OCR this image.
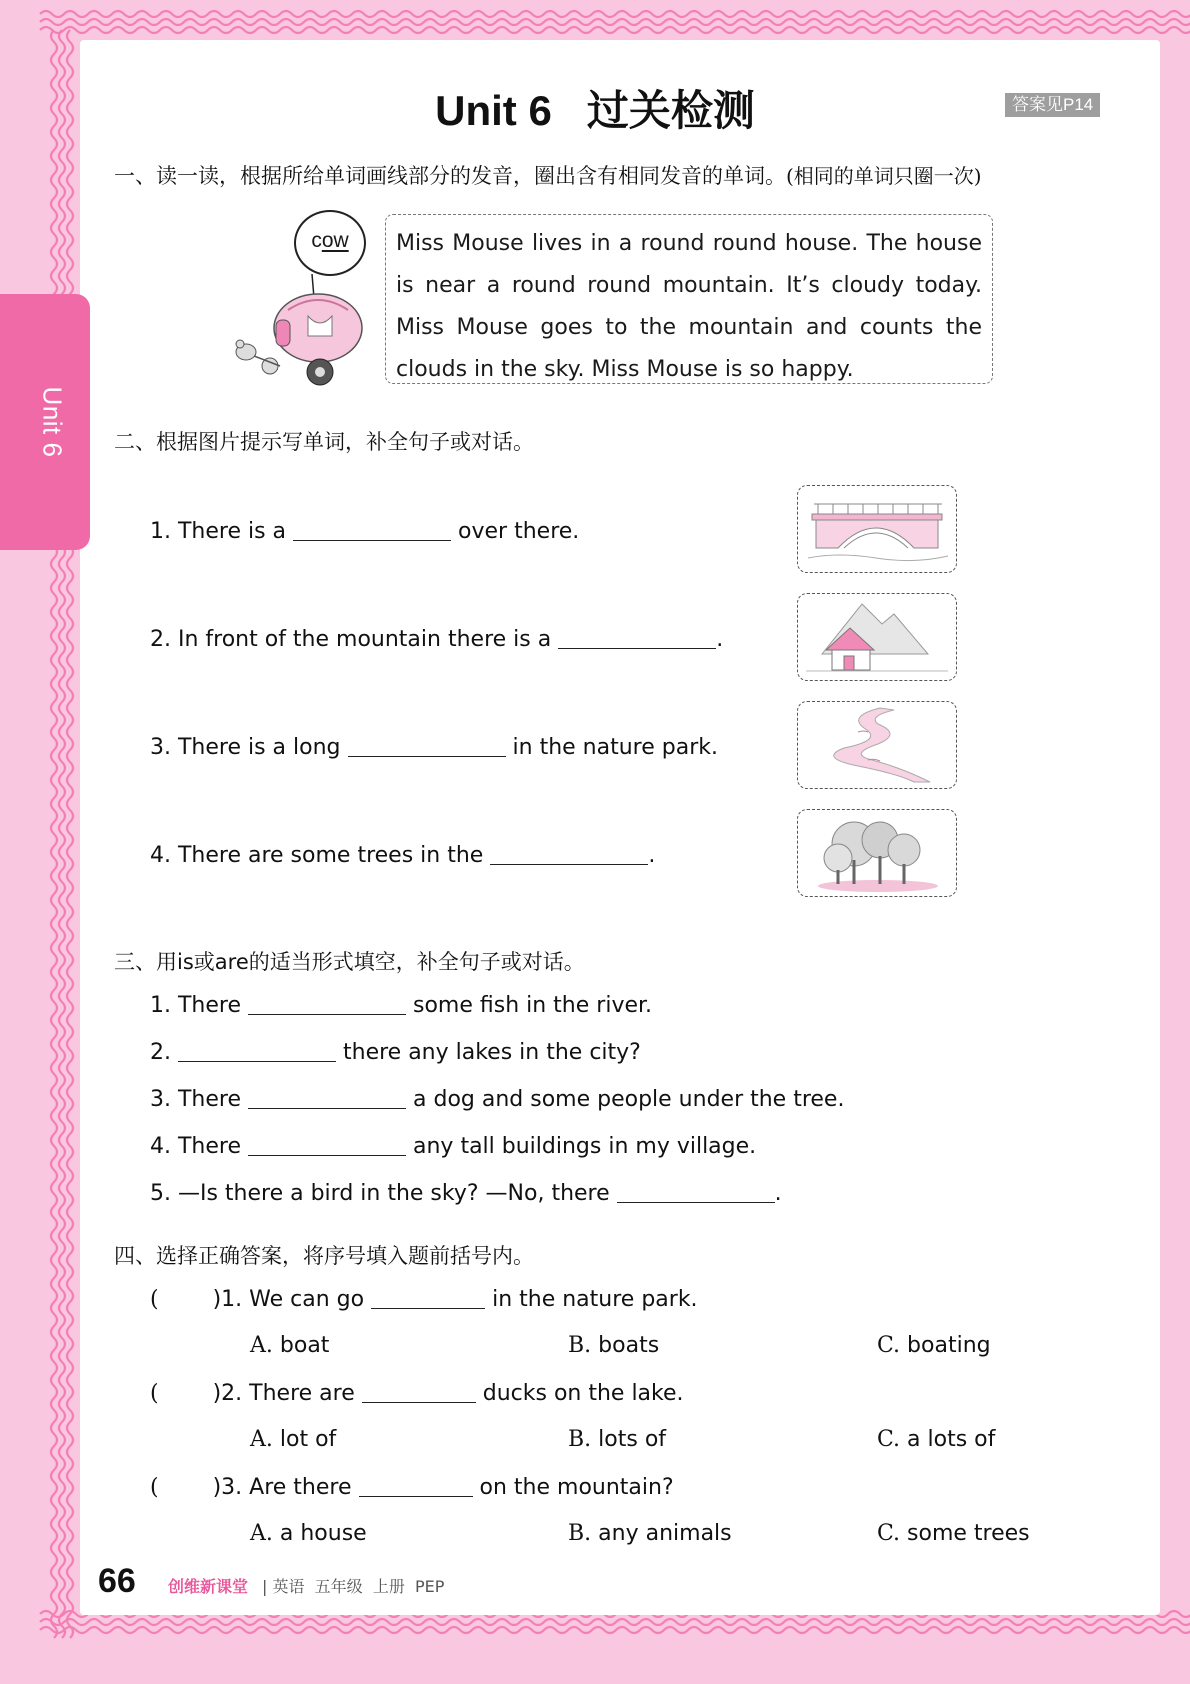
Unit 6
Unit 6   过关检测	答案见P14
一、读一读，根据所给单词画线部分的发音，圈出含有相同发音的单词。(相同的单词只圈一次)
cow Miss Mouse lives in a round round house. The house is near a round round mountain. It’s cloudy today. Miss Mouse goes to the mountain and counts the clouds in the sky. Miss Mouse is so happy.

二、根据图片提示写单词，补全句子或对话。
1. There is a	over there.
2. In front of the mountain there is a	.
3. There is a long	in the nature park.
4. There are some trees in the	.
三、用is或are的适当形式填空，补全句子或对话。
1. There	some fish in the river.
2.	there any lakes in the city?
3. There	a dog and some people under the tree.
4. There	any tall buildings in my village.
5. —Is there a bird in the sky? —No, there	.
四、选择正确答案，将序号填入题前括号内。
( )1. We can go	in the nature park.
A. boat	B. boats	C. boating
( )2. There are	ducks on the lake.
A. lot of	B. lots of	C. a lots of
( )3. Are there	on the mountain?
A. a house	B. any animals	C. some trees
66 创维新课堂 | 英语  五年级  上册  PEP
